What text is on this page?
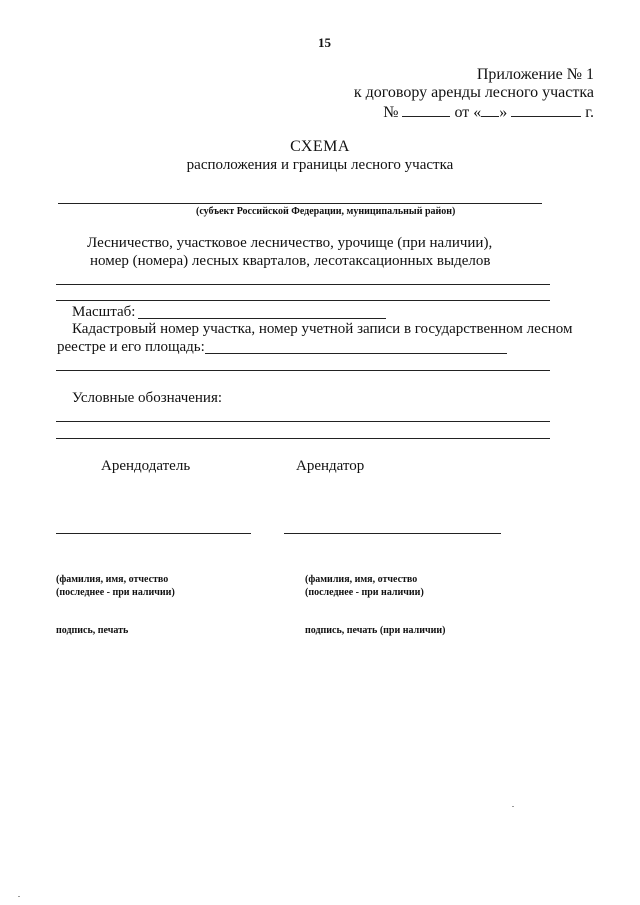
15
Приложение № 1
к договору аренды лесного участка
№	от « »	г.
СХЕМА
расположения и границы лесного участка
(субъект Российской Федерации, муниципальный район)
Лесничество, участковое лесничество, урочище (при наличии),
номер (номера) лесных кварталов, лесотаксационных выделов
Масштаб:
Кадастровый номер участка, номер учетной записи в государственном лесном
реестре и его площадь:
Условные обозначения:
Арендодатель	Арендатор
(фамилия, имя, отчество
(последнее - при наличии)
подпись, печать
(фамилия, имя, отчество
(последнее - при наличии)
подпись, печать (при наличии)
